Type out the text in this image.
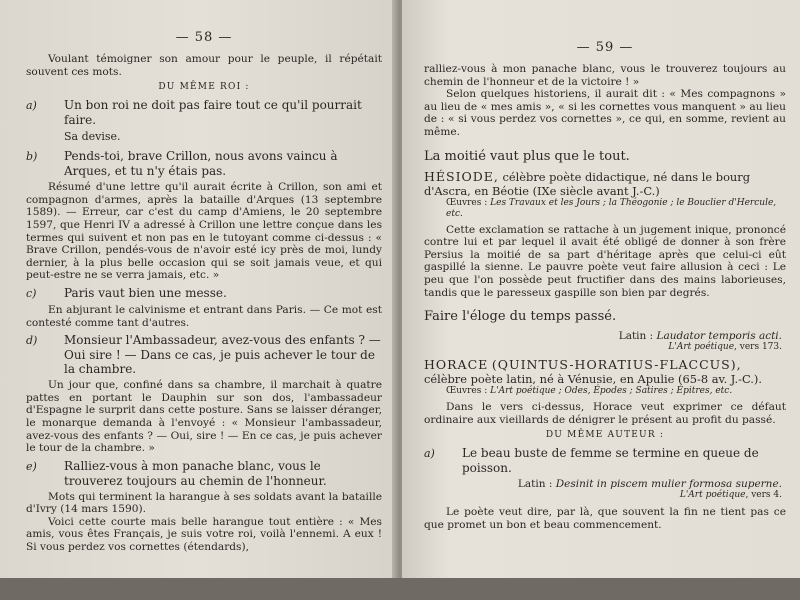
— 58 —

Voulant témoigner son amour pour le peuple, il répétait souvent ces mots.

DU MÊME ROI :
a) Un bon roi ne doit pas faire tout ce qu'il pourrait faire.
Sa devise.
b) Pends-toi, brave Crillon, nous avons vaincu à Arques, et tu n'y étais pas.

Résumé d'une lettre qu'il aurait écrite à Crillon, son ami et compagnon d'armes, après la bataille d'Arques (13 septembre 1589). — Erreur, car c'est du camp d'Amiens, le 20 septembre 1597, que Henri IV a adressé à Crillon une lettre conçue dans les termes qui suivent et non pas en le tutoyant comme ci-dessus : « Brave Crillon, pendés-vous de n'avoir esté icy près de moi, lundy dernier, à la plus belle occasion qui se soit jamais veue, et qui peut-estre ne se verra jamais, etc. »

c) Paris vaut bien une messe.

En abjurant le calvinisme et entrant dans Paris. — Ce mot est contesté comme tant d'autres.

d) Monsieur l'Ambassadeur, avez-vous des enfants ? — Oui sire ! — Dans ce cas, je puis achever le tour de la chambre.

Un jour que, confiné dans sa chambre, il marchait à quatre pattes en portant le Dauphin sur son dos, l'ambassadeur d'Espagne le surprit dans cette posture. Sans se laisser déranger, le monarque demanda à l'envoyé : « Monsieur l'ambassadeur, avez-vous des enfants ? — Oui, sire ! — En ce cas, je puis achever le tour de la chambre. »

e) Ralliez-vous à mon panache blanc, vous le trouverez toujours au chemin de l'honneur.

Mots qui terminent la harangue à ses soldats avant la bataille d'Ivry (14 mars 1590).

Voici cette courte mais belle harangue tout entière : « Mes amis, vous êtes Français, je suis votre roi, voilà l'ennemi. A eux ! Si vous perdez vos cornettes (étendards),

— 59 —

ralliez-vous à mon panache blanc, vous le trouverez toujours au chemin de l'honneur et de la victoire ! »

Selon quelques historiens, il aurait dit : « Mes compagnons » au lieu de « mes amis », « si les cornettes vous manquent » au lieu de : « si vous perdez vos cornettes », ce qui, en somme, revient au même.

La moitié vaut plus que le tout.

HÉSIODE, célèbre poète didactique, né dans le bourg d'Ascra, en Béotie (IXe siècle avant J.-C.)

Œuvres : Les Travaux et les Jours ; la Théogonie ; le Bouclier d'Hercule, etc.

Cette exclamation se rattache à un jugement inique, prononcé contre lui et par lequel il avait été obligé de donner à son frère Persius la moitié de sa part d'héritage après que celui-ci eût gaspillé la sienne. Le pauvre poète veut faire allusion à ceci : Le peu que l'on possède peut fructifier dans des mains laborieuses, tandis que le paresseux gaspille son bien par degrés.

Faire l'éloge du temps passé.
Latin : Laudator temporis acti.
L'Art poétique, vers 173.

HORACE (QUINTUS-HORATIUS-FLACCUS), célèbre poète latin, né à Vénusie, en Apulie (65-8 av. J.-C.).

Œuvres : L'Art poétique ; Odes, Épodes ; Satires ; Épitres, etc.

Dans le vers ci-dessus, Horace veut exprimer ce défaut ordinaire aux vieillards de dénigrer le présent au profit du passé.

DU MÊME AUTEUR :
a) Le beau buste de femme se termine en queue de poisson.
Latin : Desinit in piscem mulier formosa superne.
L'Art poétique, vers 4.

Le poète veut dire, par là, que souvent la fin ne tient pas ce que promet un bon et beau commencement.
